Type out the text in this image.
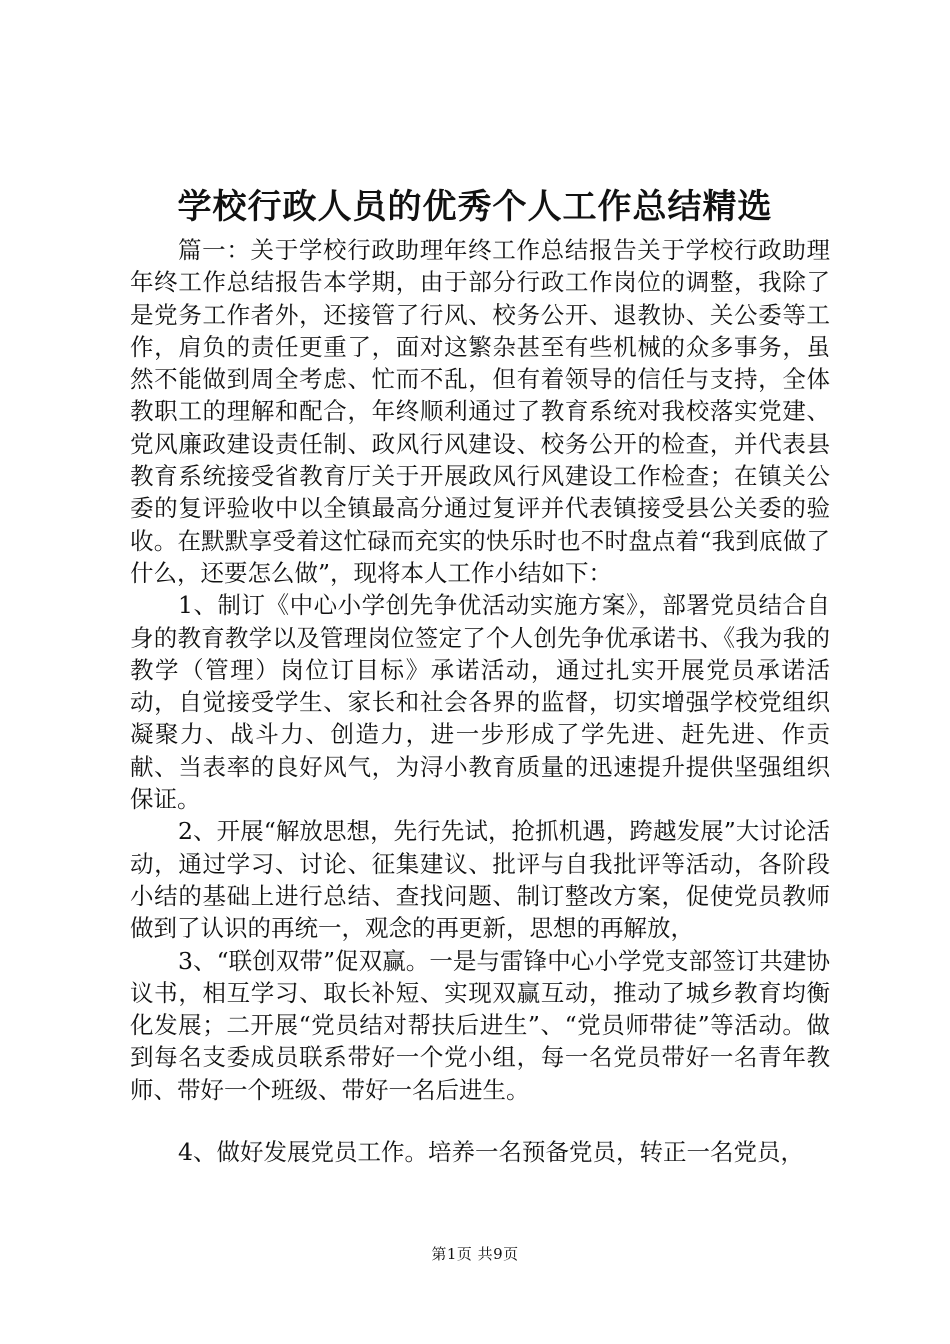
学校行政人员的优秀个人工作总结精选

篇一：关于学校行政助理年终工作总结报告关于学校行政助理年终工作总结报告本学期，由于部分行政工作岗位的调整，我除了是党务工作者外，还接管了行风、校务公开、退教协、关公委等工作，肩负的责任更重了，面对这繁杂甚至有些机械的众多事务，虽然不能做到周全考虑、忙而不乱，但有着领导的信任与支持，全体教职工的理解和配合，年终顺利通过了教育系统对我校落实党建、党风廉政建设责任制、政风行风建设、校务公开的检查，并代表县教育系统接受省教育厅关于开展政风行风建设工作检查；在镇关公委的复评验收中以全镇最高分通过复评并代表镇接受县公关委的验收。在默默享受着这忙碌而充实的快乐时也不时盘点着“我到底做了什么，还要怎么做”，现将本人工作小结如下：

1、制订《中心小学创先争优活动实施方案》，部署党员结合自身的教育教学以及管理岗位签定了个人创先争优承诺书、《我为我的教学（管理）岗位订目标》承诺活动，通过扎实开展党员承诺活动，自觉接受学生、家长和社会各界的监督，切实增强学校党组织凝聚力、战斗力、创造力，进一步形成了学先进、赶先进、作贡献、当表率的良好风气，为浔小教育质量的迅速提升提供坚强组织保证。

2、开展“解放思想，先行先试，抢抓机遇，跨越发展”大讨论活动，通过学习、讨论、征集建议、批评与自我批评等活动，各阶段小结的基础上进行总结、查找问题、制订整改方案，促使党员教师做到了认识的再统一，观念的再更新，思想的再解放，

3、“联创双带”促双赢。一是与雷锋中心小学党支部签订共建协议书，相互学习、取长补短、实现双赢互动，推动了城乡教育均衡化发展；二开展“党员结对帮扶后进生”、“党员师带徒”等活动。做到每名支委成员联系带好一个党小组，每一名党员带好一名青年教师、带好一个班级、带好一名后进生。

4、做好发展党员工作。培养一名预备党员，转正一名党员，

第1页 共9页
